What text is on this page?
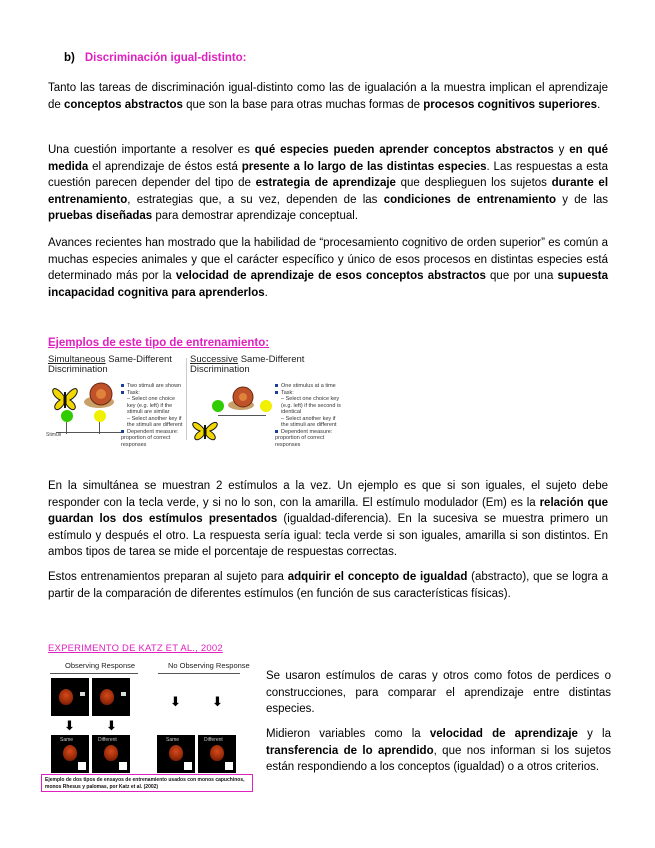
b) Discriminación igual-distinto:

Tanto las tareas de discriminación igual-distinto como las de igualación a la muestra implican el aprendizaje de conceptos abstractos que son la base para otras muchas formas de procesos cognitivos superiores.

Una cuestión importante a resolver es qué especies pueden aprender conceptos abstractos y en qué medida el aprendizaje de éstos está presente a lo largo de las distintas especies. Las respuestas a esta cuestión parecen depender del tipo de estrategia de aprendizaje que desplieguen los sujetos durante el entrenamiento, estrategias que, a su vez, dependen de las condiciones de entrenamiento y de las pruebas diseñadas para demostrar aprendizaje conceptual.

Avances recientes han mostrado que la habilidad de “procesamiento cognitivo de orden superior” es común a muchas especies animales y que el carácter específico y único de esos procesos en distintas especies está determinado más por la velocidad de aprendizaje de esos conceptos abstractos que por una supuesta incapacidad cognitiva para aprenderlos.

Ejemplos de este tipo de entrenamiento:
Simultaneous Same-Different
Discrimination
Stimuli
Two stimuli are shown
Task:
– Select one choice key (e.g. left) if the stimuli are similar
– Select another key if the stimuli are different
Dependent measure: proportion of correct responses
Successive Same-Different
Discrimination
One stimulus at a time
Task:
– Select one choice key (e.g. left) if the second is identical
– Select another key if the stimuli are different
Dependent measure: proportion of correct responses

En la simultánea se muestran 2 estímulos a la vez. Un ejemplo es que si son iguales, el sujeto debe responder con la tecla verde, y si no lo son, con la amarilla. El estímulo modulador (Em) es la relación que guardan los dos estímulos presentados (igualdad-diferencia). En la sucesiva se muestra primero un estímulo y después el otro. La respuesta sería igual: tecla verde si son iguales, amarilla si son distintos. En ambos tipos de tarea se mide el porcentaje de respuestas correctas.

Estos entrenamientos preparan al sujeto para adquirir el concepto de igualdad (abstracto), que se logra a partir de la comparación de diferentes estímulos (en función de sus características físicas).

EXPERIMENTO DE KATZ ET AL., 2002
Observing Response	No Observing Response
⬇ ⬇
⬇ ⬇
Same	Different	Same	Different
Ejemplo de dos tipos de ensayos de entrenamiento usados con monos capuchinos, monos Rhesus y palomas, por Katz et al. (2002)

Se usaron estímulos de caras y otros como fotos de perdices o construcciones, para comparar el aprendizaje entre distintas especies.

Midieron variables como la velocidad de aprendizaje y la transferencia de lo aprendido, que nos informan si los sujetos están respondiendo a los conceptos (igualdad) o a otros criterios.
